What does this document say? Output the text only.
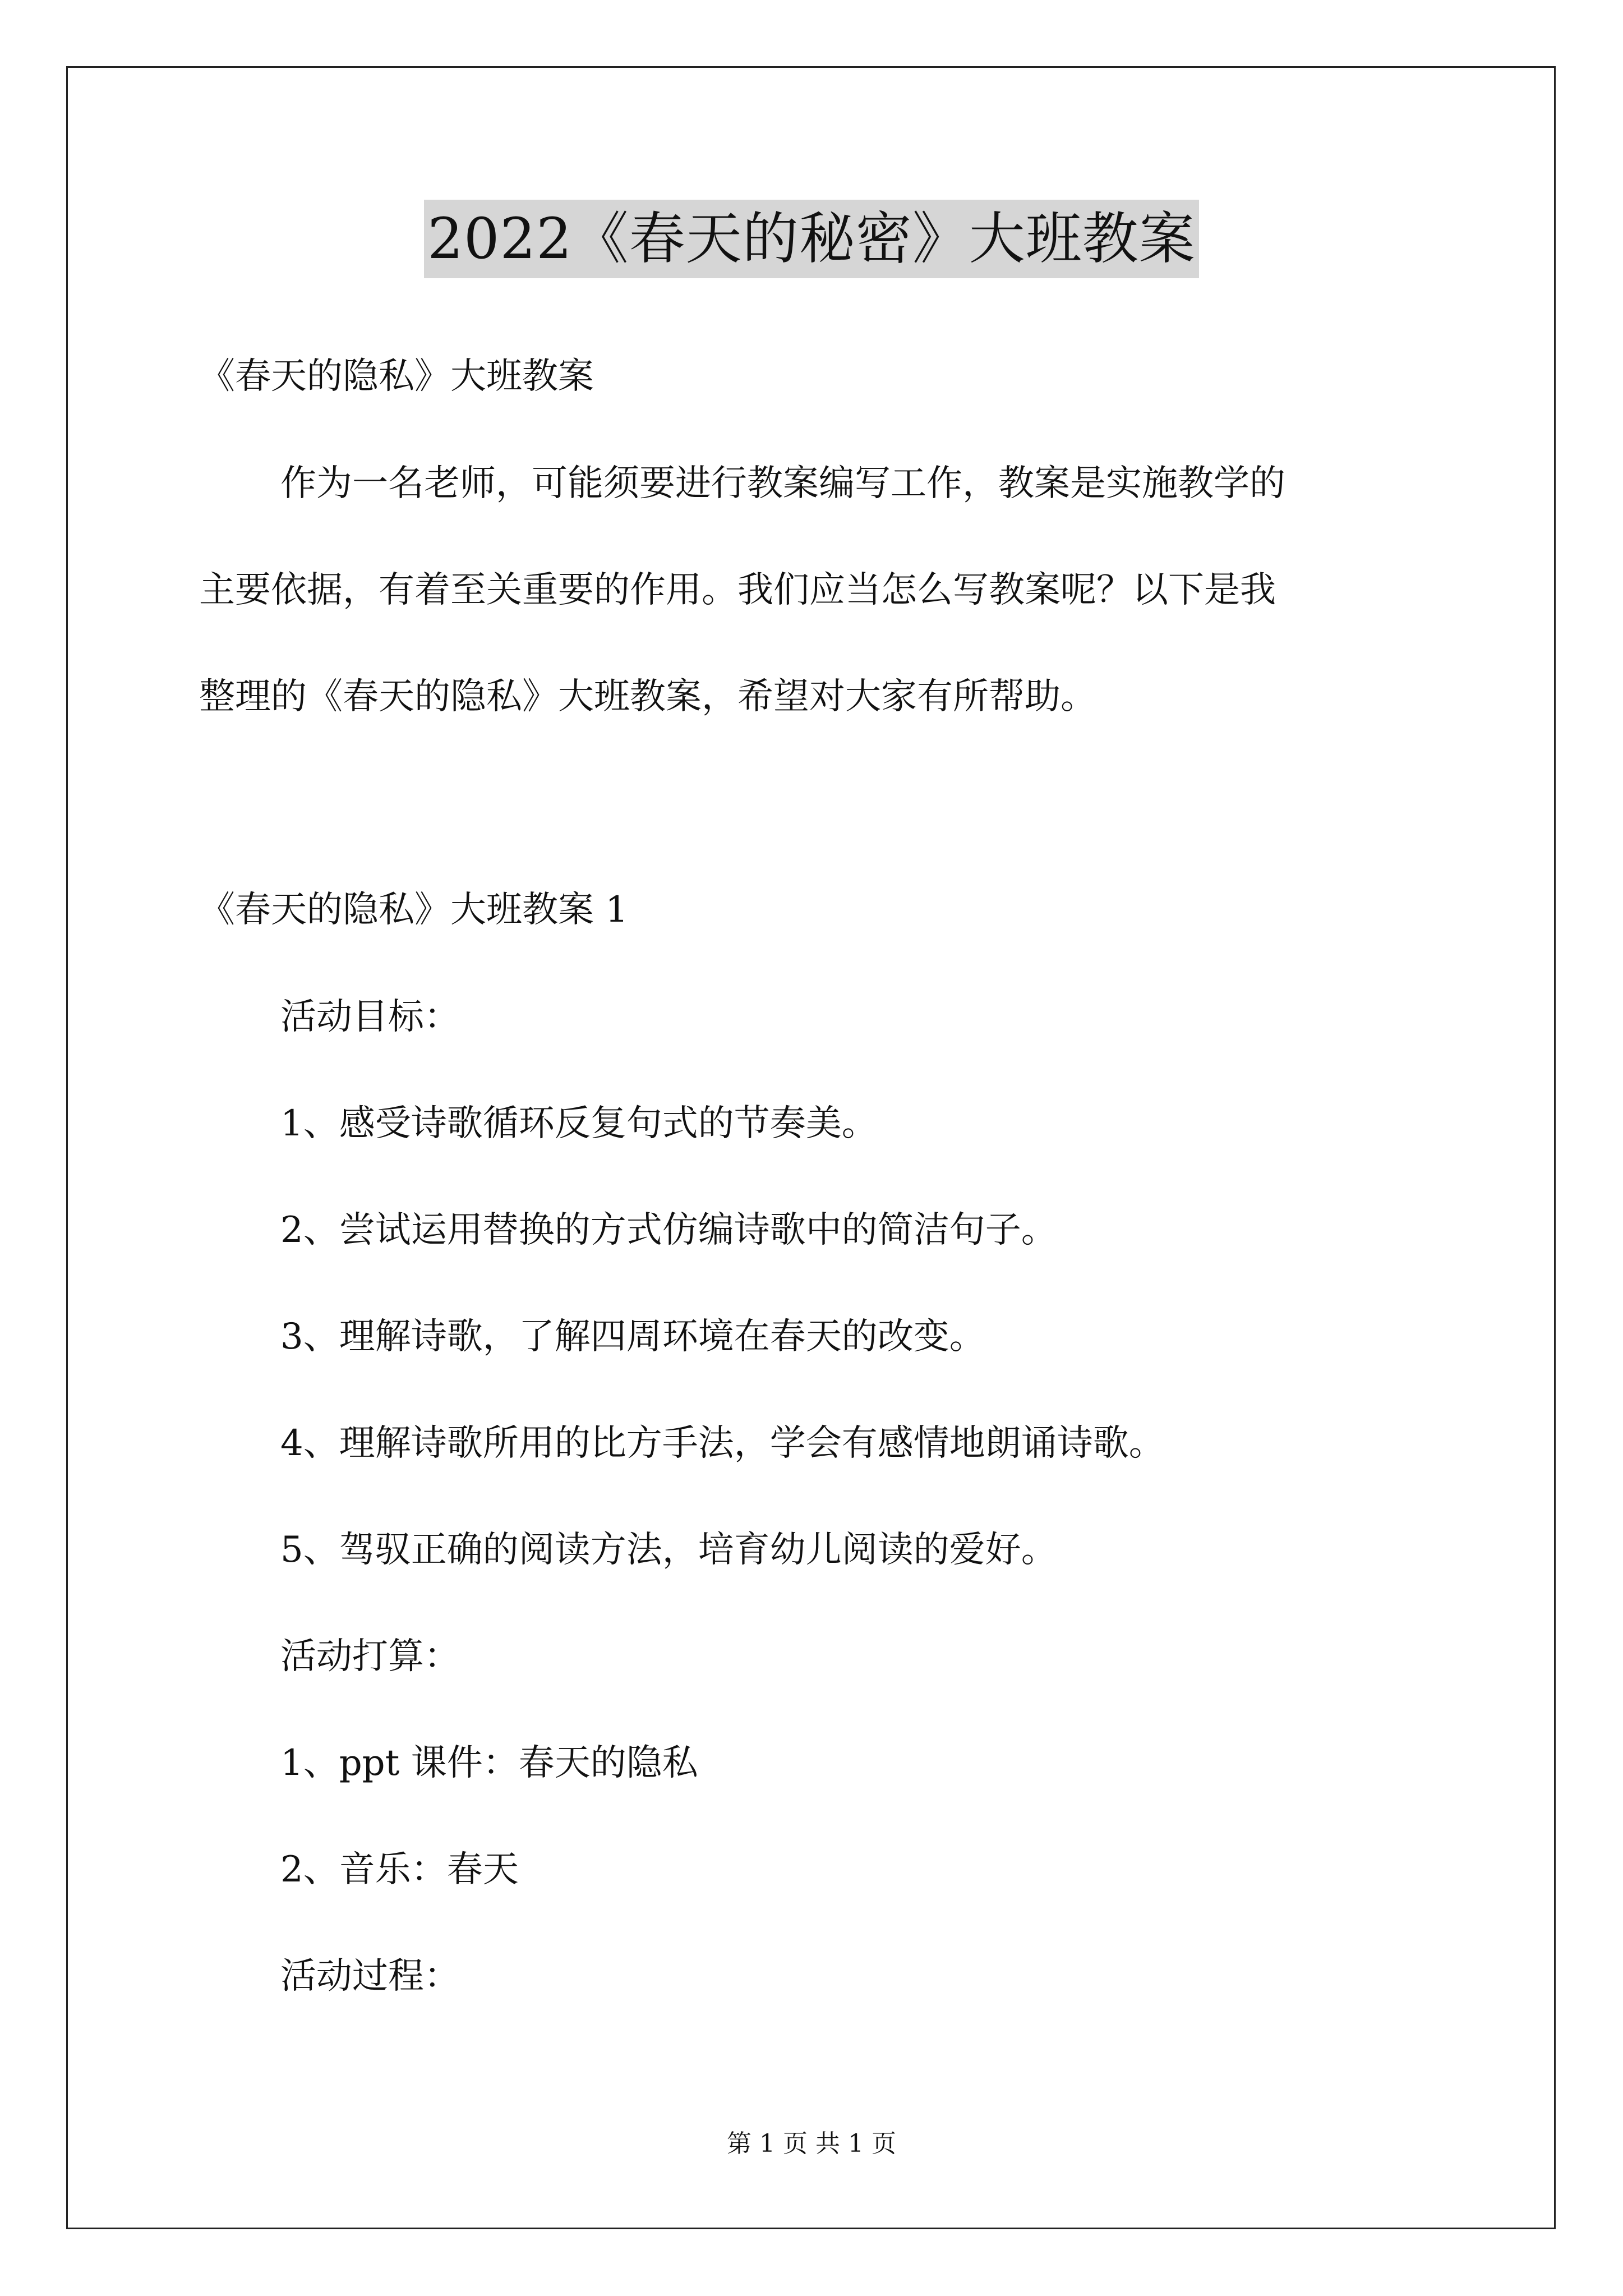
2022《春天的秘密》大班教案
《春天的隐私》大班教案
作为一名老师，可能须要进行教案编写工作，教案是实施教学的
主要依据，有着至关重要的作用。我们应当怎么写教案呢？以下是我
整理的《春天的隐私》大班教案，希望对大家有所帮助。
《春天的隐私》大班教案 1
活动目标：
1、感受诗歌循环反复句式的节奏美。
2、尝试运用替换的方式仿编诗歌中的简洁句子。
3、理解诗歌，了解四周环境在春天的改变。
4、理解诗歌所用的比方手法，学会有感情地朗诵诗歌。
5、驾驭正确的阅读方法，培育幼儿阅读的爱好。
活动打算：
1、ppt 课件：春天的隐私
2、音乐：春天
活动过程：
第 1 页 共 1 页
